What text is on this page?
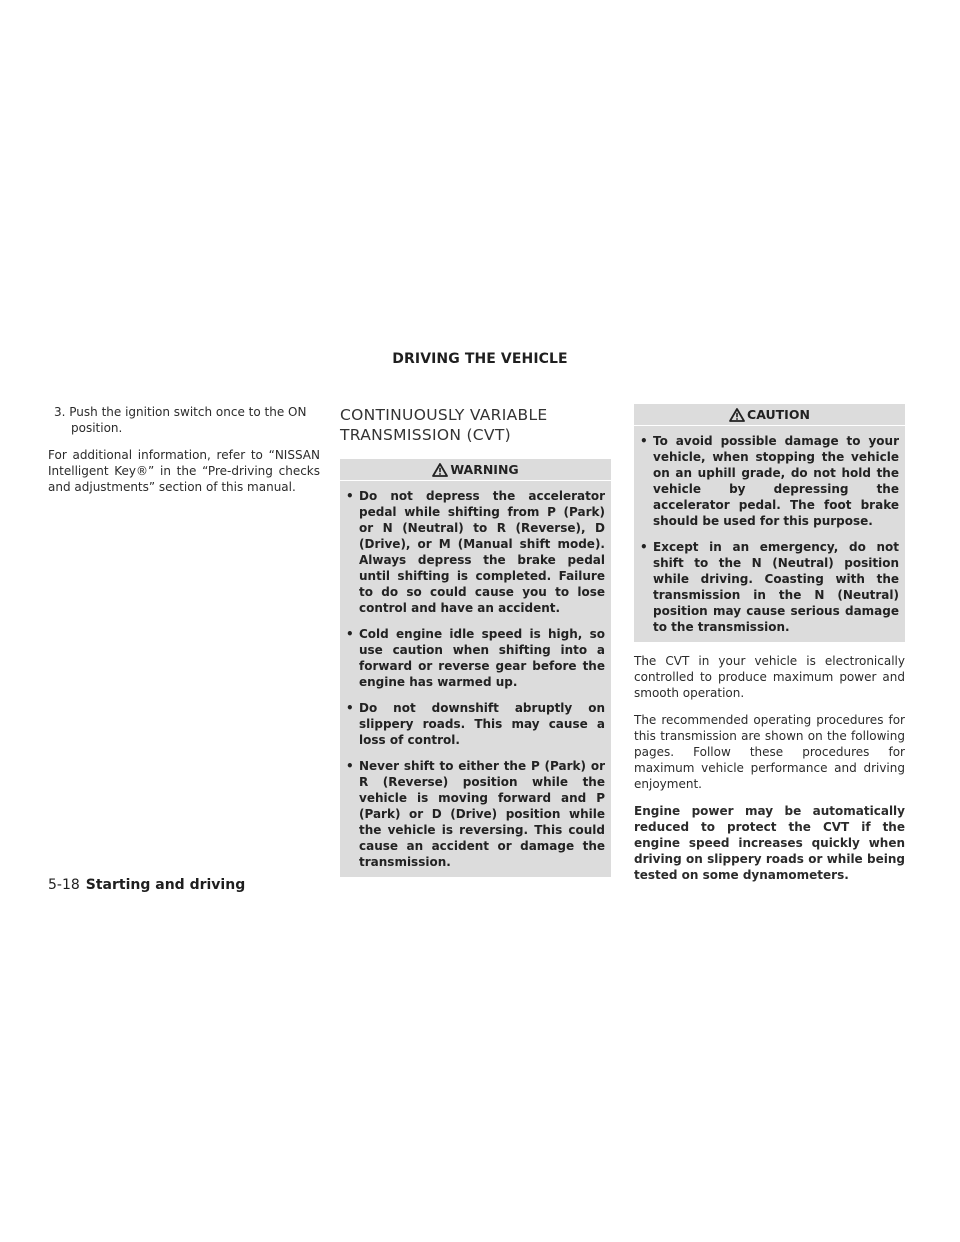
DRIVING THE VEHICLE
3. Push the ignition switch once to the ON position.

For additional information, refer to “NISSAN Intelligent Key®” in the “Pre-driving checks and adjustments” section of this manual.

CONTINUOUSLY VARIABLE
TRANSMISSION (CVT)
WARNING
• Do not depress the accelerator pedal while shifting from P (Park) or N (Neutral) to R (Reverse), D (Drive), or M (Manual shift mode). Always depress the brake pedal until shifting is completed. Failure to do so could cause you to lose control and have an accident.
• Cold engine idle speed is high, so use caution when shifting into a forward or reverse gear before the engine has warmed up.
• Do not downshift abruptly on slippery roads. This may cause a loss of control.
• Never shift to either the P (Park) or R (Reverse) position while the vehicle is moving forward and P (Park) or D (Drive) position while the vehicle is reversing. This could cause an accident or damage the transmission.
CAUTION
• To avoid possible damage to your vehicle, when stopping the vehicle on an uphill grade, do not hold the vehicle by depressing the accelerator pedal. The foot brake should be used for this purpose.
• Except in an emergency, do not shift to the N (Neutral) position while driving. Coasting with the transmission in the N (Neutral) position may cause serious damage to the transmission.

The CVT in your vehicle is electronically controlled to produce maximum power and smooth operation.

The recommended operating procedures for this transmission are shown on the following pages. Follow these procedures for maximum vehicle performance and driving enjoyment.

Engine power may be automatically reduced to protect the CVT if the engine speed increases quickly when driving on slippery roads or while being tested on some dynamometers.

5-18 Starting and driving
